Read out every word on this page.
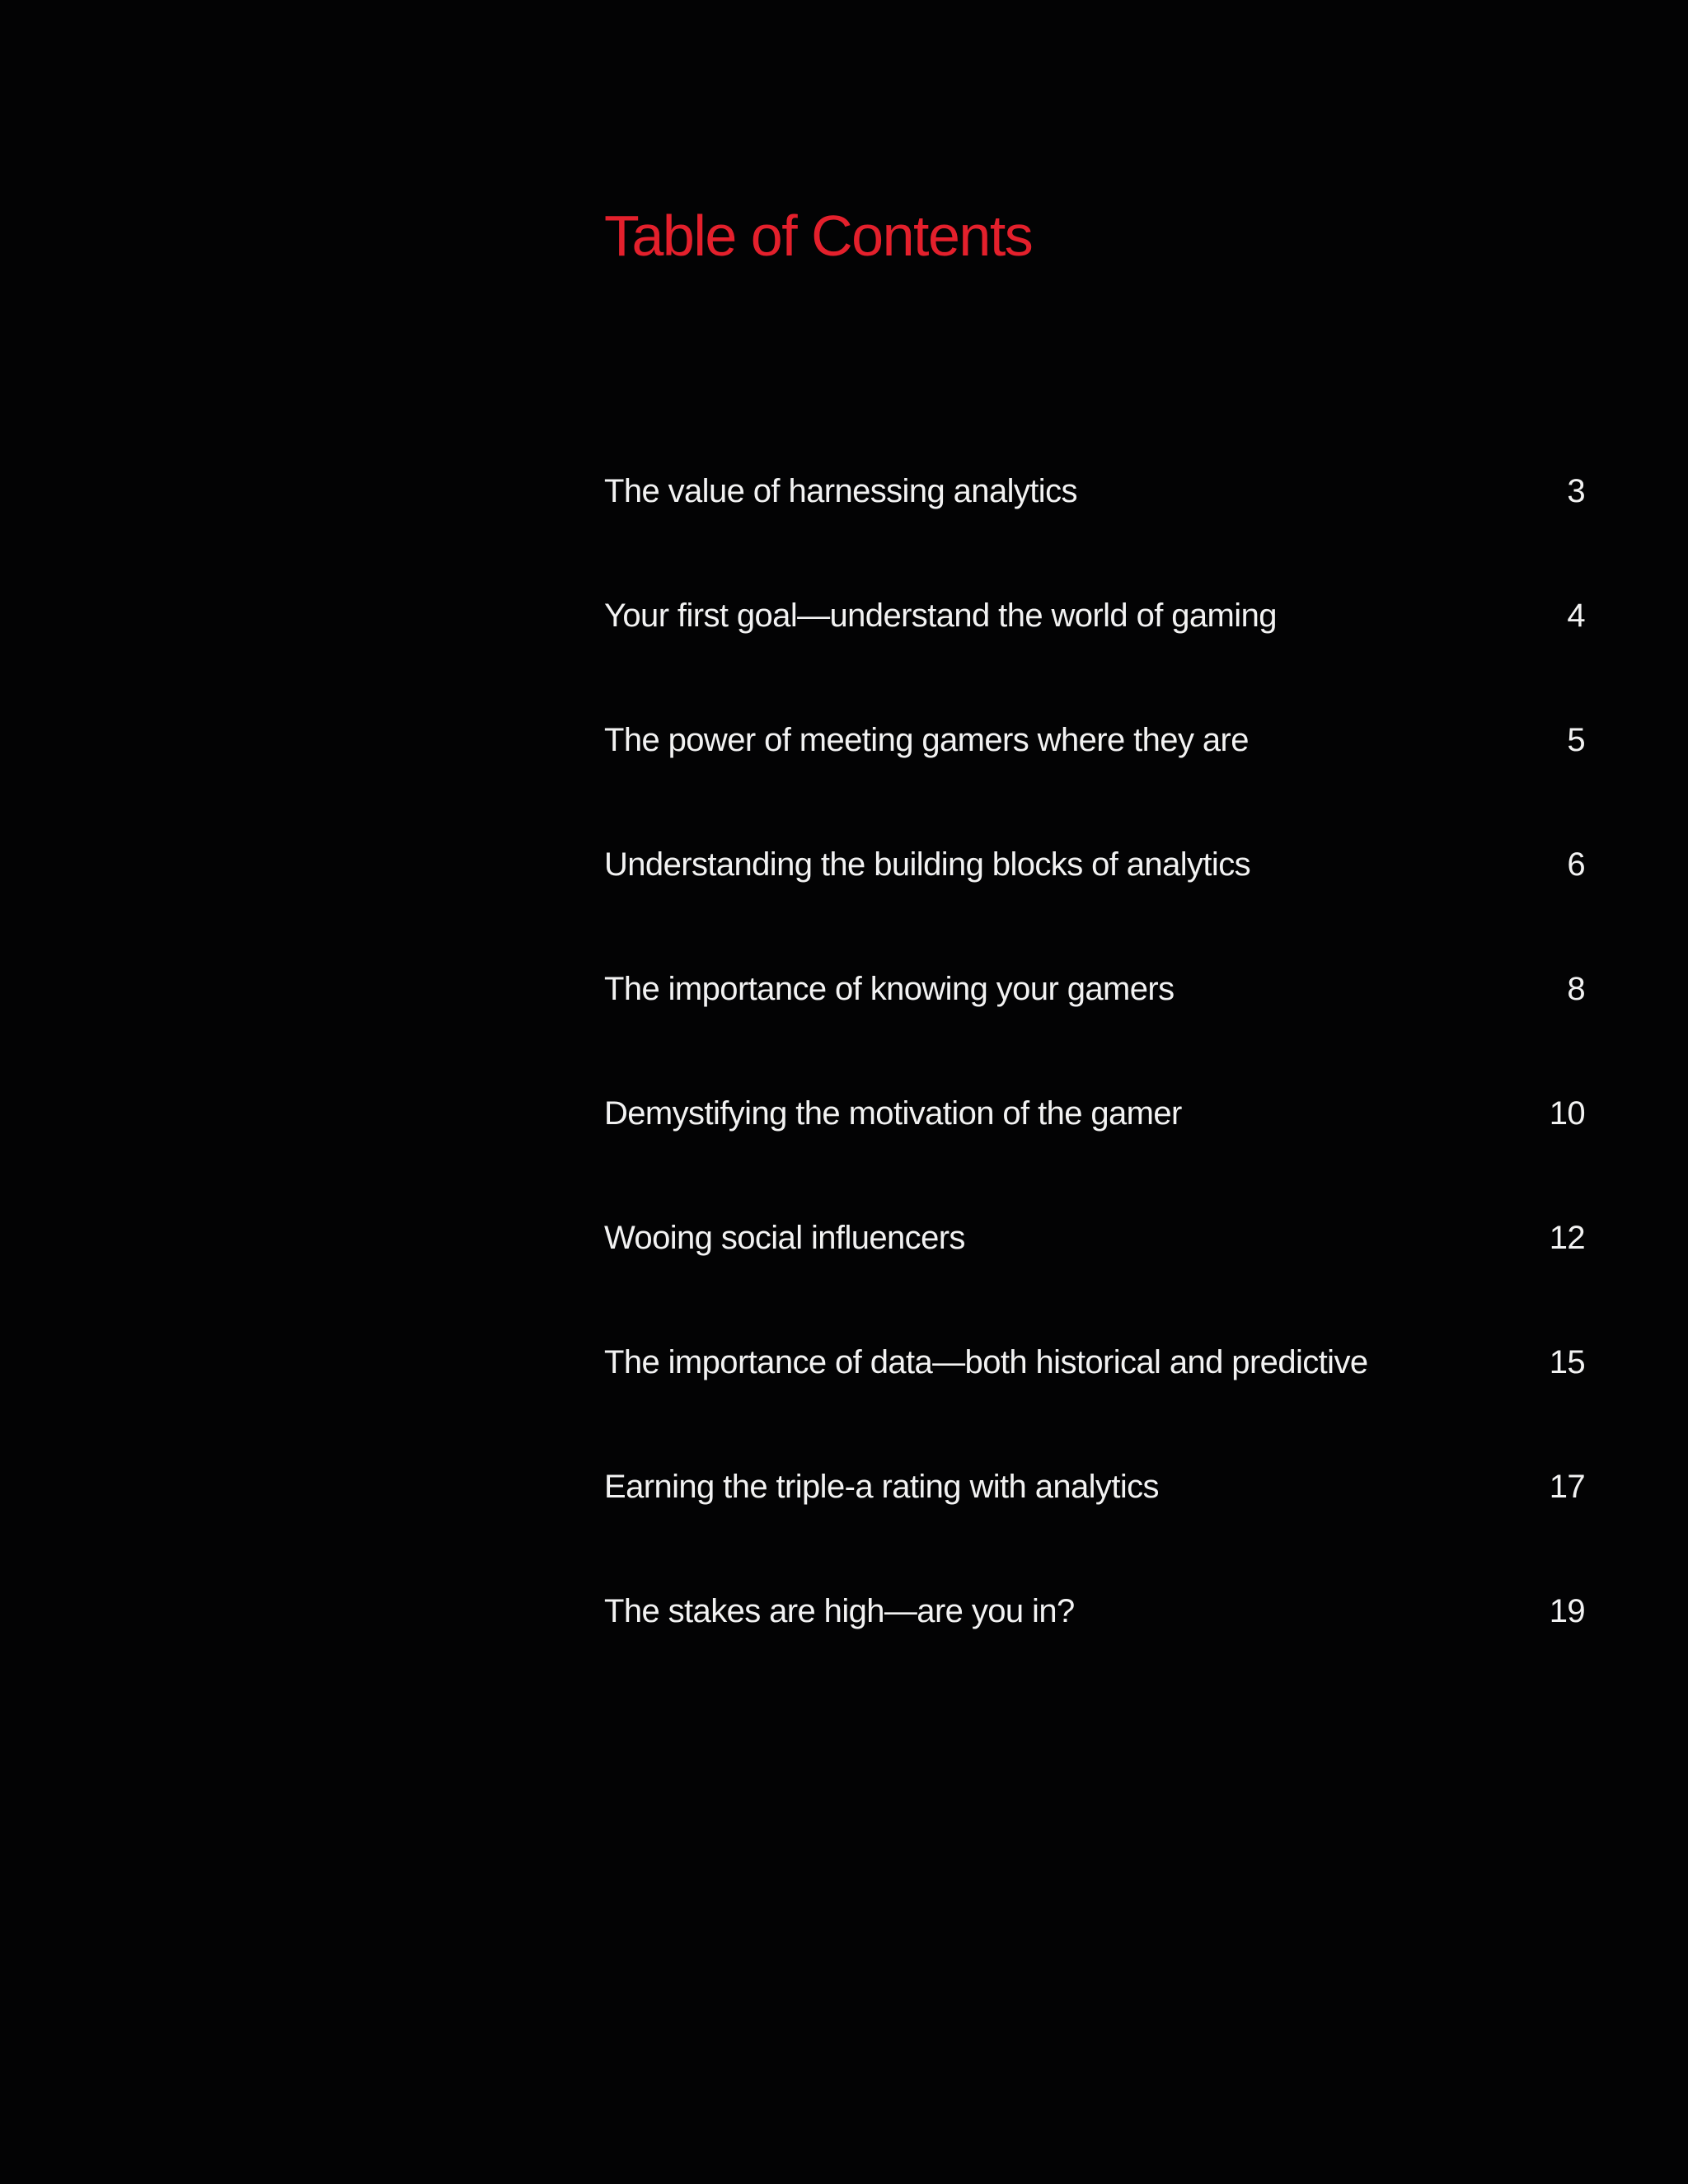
Table of Contents
The value of harnessing analytics	3
Your first goal—understand the world of gaming	4
The power of meeting gamers where they are	5
Understanding the building blocks of analytics	6
The importance of knowing your gamers	8
Demystifying the motivation of the gamer	10
Wooing social influencers	12
The importance of data—both historical and predictive	15
Earning the triple-a rating with analytics	17
The stakes are high—are you in?	19
